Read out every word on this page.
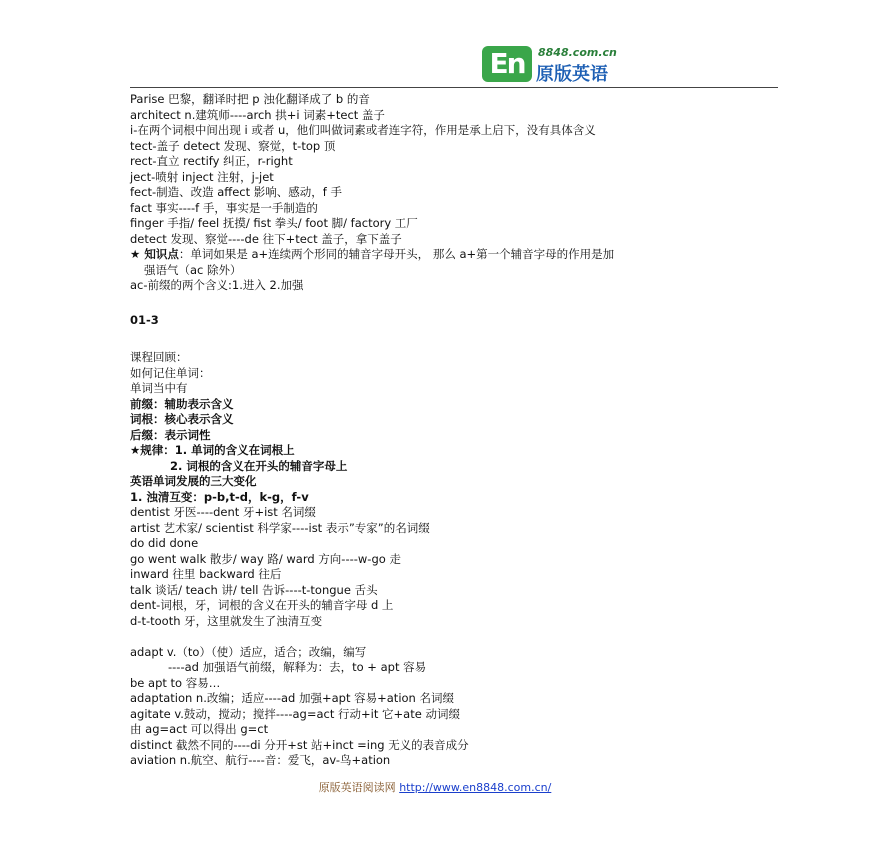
En	8848.com.cn
原版英语
Parise 巴黎，翻译时把 p 浊化翻译成了 b 的音
architect n.建筑师----arch 拱+i 词素+tect 盖子
i-在两个词根中间出现 i 或者 u，他们叫做词素或者连字符，作用是承上启下，没有具体含义
tect-盖子 detect 发现、察觉，t-top 顶
rect-直立 rectify 纠正，r-right
ject-喷射 inject 注射，j-jet
fect-制造、改造 affect 影响、感动，f 手
fact 事实----f 手，事实是一手制造的
finger 手指/ feel 抚摸/ fist 拳头/ foot 脚/ factory 工厂
detect 发现、察觉----de 往下+tect 盖子，拿下盖子
★ 知识点：单词如果是 a+连续两个形同的辅音字母开头， 那么 a+第一个辅音字母的作用是加
强语气（ac 除外）
ac-前缀的两个含义:1.进入 2.加强
01-3
课程回顾：
如何记住单词：
单词当中有
前缀：辅助表示含义
词根：核心表示含义
后缀：表示词性
★规律：1. 单词的含义在词根上
2. 词根的含义在开头的辅音字母上
英语单词发展的三大变化
1. 浊清互变：p-b,t-d，k-g，f-v
dentist 牙医----dent 牙+ist 名词缀
artist 艺术家/ scientist 科学家----ist 表示”专家”的名词缀
do did done
go went walk 散步/ way 路/ ward 方向----w-go 走
inward 往里 backward 往后
talk 谈话/ teach 讲/ tell 告诉----t-tongue 舌头
dent-词根，牙，词根的含义在开头的辅音字母 d 上
d-t-tooth 牙，这里就发生了浊清互变
adapt v.（to）（使）适应，适合；改编，编写
----ad 加强语气前缀，解释为：去，to + apt 容易
be apt to 容易…
adaptation n.改编；适应----ad 加强+apt 容易+ation 名词缀
agitate v.鼓动，搅动；搅拌----ag=act 行动+it 它+ate 动词缀
由 ag=act 可以得出 g=ct
distinct 截然不同的----di 分开+st 站+inct =ing 无义的表音成分
aviation n.航空、航行----音：爱飞，av-鸟+ation
原版英语阅读网 http://www.en8848.com.cn/
